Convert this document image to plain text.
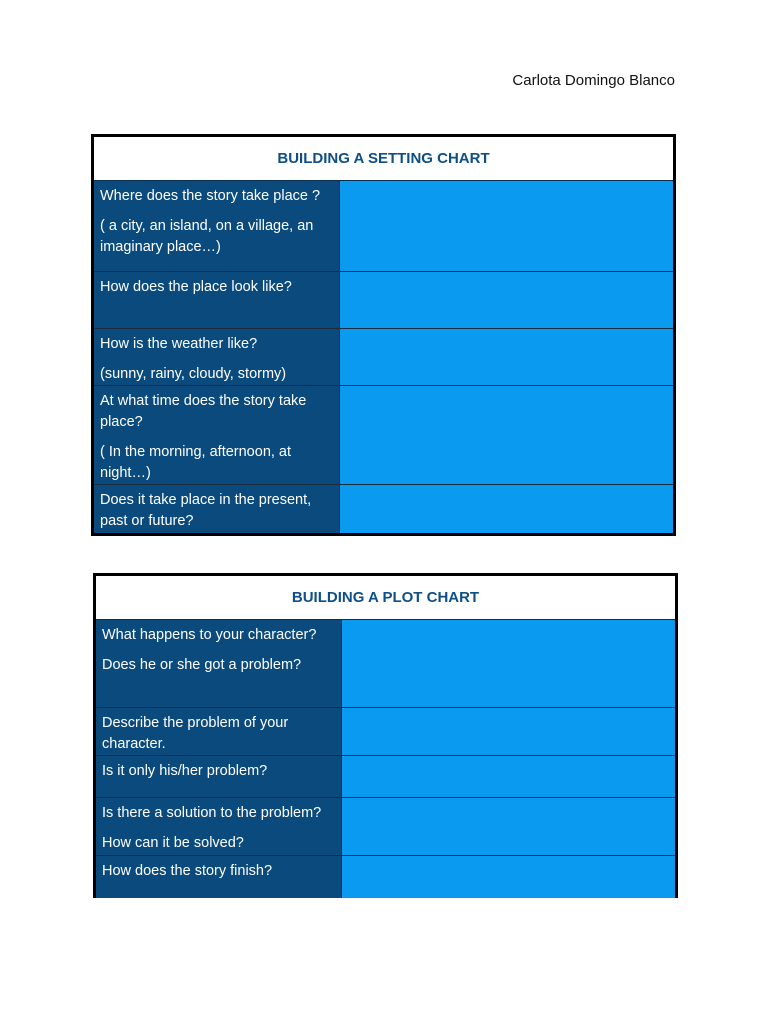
Carlota Domingo Blanco
BUILDING A SETTING CHART

Where does the story take place ?

( a city, an island, on a village, an imaginary place…)

How does the place look like?

How is the weather like?

(sunny, rainy, cloudy, stormy)

At what time does the story take place?

( In the morning, afternoon, at night…)

Does it take place in the present, past or future?

BUILDING A PLOT CHART

What happens to your character?

Does he or she got a problem?

Describe the problem of your character.

Is it only his/her problem?

Is there a solution to the problem?

How can it be solved?

How does the story finish?
